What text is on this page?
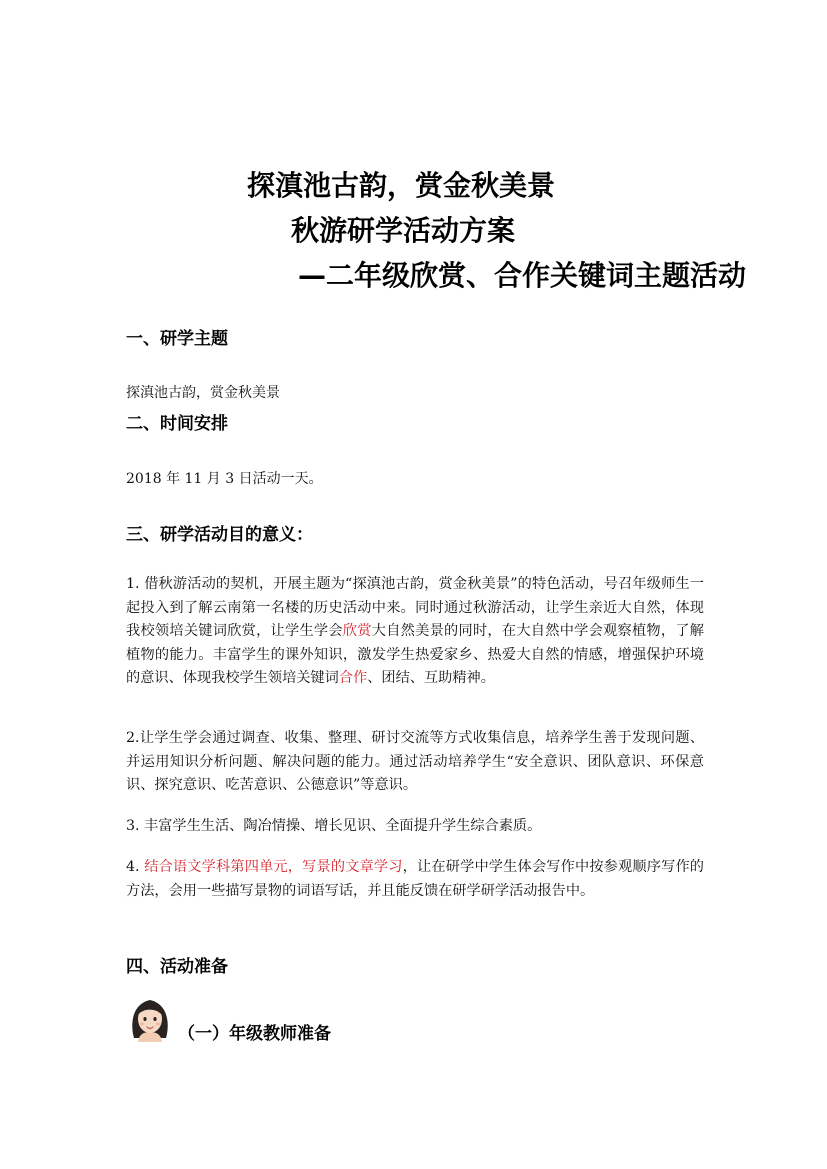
探滇池古韵，赏金秋美景
秋游研学活动方案
—二年级欣赏、合作关键词主题活动
一、研学主题
探滇池古韵，赏金秋美景
二、时间安排
2018 年 11 月 3 日活动一天。
三、研学活动目的意义：
1. 借秋游活动的契机，开展主题为“探滇池古韵，赏金秋美景”的特色活动，号召年级师生一起投入到了解云南第一名楼的历史活动中来。同时通过秋游活动，让学生亲近大自然，体现我校领培关键词欣赏，让学生学会欣赏大自然美景的同时，在大自然中学会观察植物，了解植物的能力。丰富学生的课外知识，激发学生热爱家乡、热爱大自然的情感，增强保护环境的意识、体现我校学生领培关键词合作、团结、互助精神。
2.让学生学会通过调查、收集、整理、研讨交流等方式收集信息，培养学生善于发现问题、并运用知识分析问题、解决问题的能力。通过活动培养学生“安全意识、团队意识、环保意识、探究意识、吃苦意识、公德意识”等意识。
3. 丰富学生生活、陶冶情操、增长见识、全面提升学生综合素质。
4. 结合语文学科第四单元，写景的文章学习，让在研学中学生体会写作中按参观顺序写作的方法，会用一些描写景物的词语写话，并且能反馈在研学研学活动报告中。
四、活动准备
（一）年级教师准备
